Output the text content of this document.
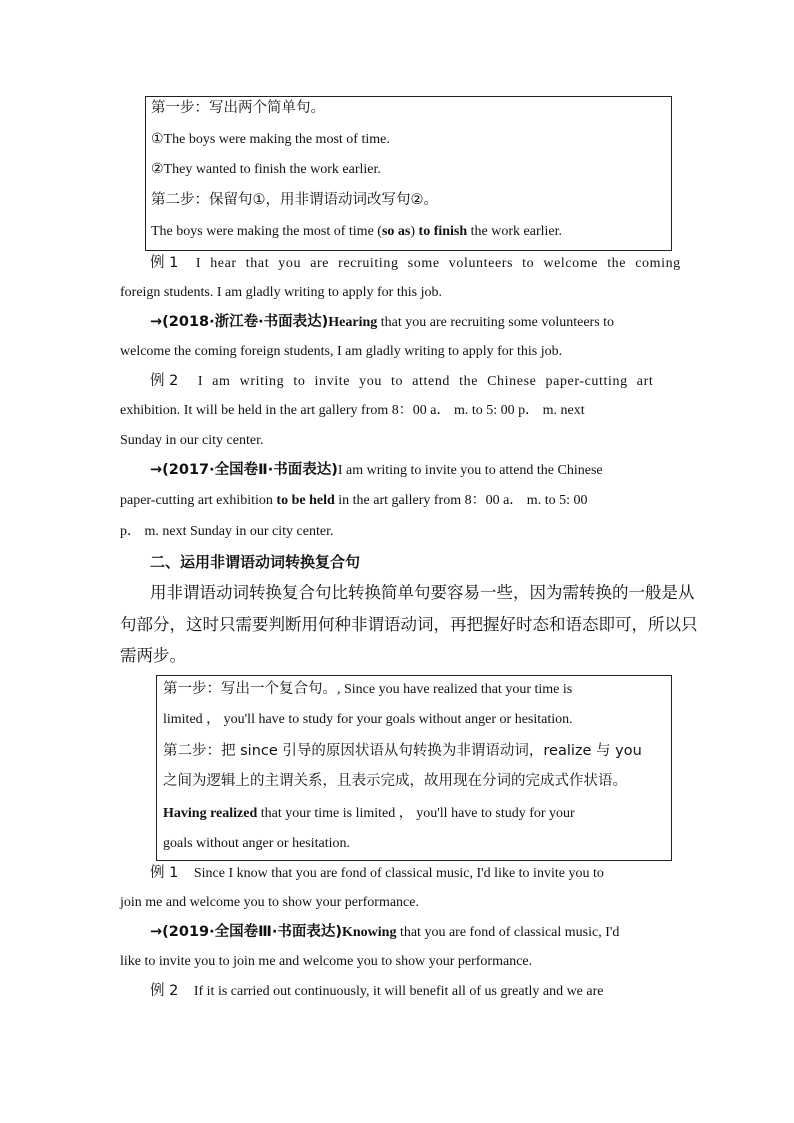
第一步：写出两个简单句。
①The boys were making the most of time.
②They wanted to finish the work earlier.
第二步：保留句①，用非谓语动词改写句②。
The boys were making the most of time (so as) to finish the work earlier.
例 1 I hear that you are recruiting some volunteers to welcome the coming
foreign students. I am gladly writing to apply for this job.
→(2018·浙江卷·书面表达)Hearing that you are recruiting some volunteers to
welcome the coming foreign students, I am gladly writing to apply for this job.
例 2 I am writing to invite you to attend the Chinese paper-cutting art
exhibition. It will be held in the art gallery from 8：00 a． m. to 5: 00 p． m. next
Sunday in our city center.
→(2017·全国卷Ⅱ·书面表达)I am writing to invite you to attend the Chinese
paper-cutting art exhibition to be held in the art gallery from 8：00 a． m. to 5: 00
p． m. next Sunday in our city center.
二、运用非谓语动词转换复合句
用非谓语动词转换复合句比转换简单句要容易一些，因为需转换的一般是从
句部分，这时只需要判断用何种非谓语动词，再把握好时态和语态即可，所以只
需两步。
第一步：写出一个复合句。, Since you have realized that your time is
limited ， you'll have to study for your goals without anger or hesitation.
第二步：把 since 引导的原因状语从句转换为非谓语动词，realize 与 you
之间为逻辑上的主谓关系，且表示完成，故用现在分词的完成式作状语。
Having realized that your time is limited ， you'll have to study for your
goals without anger or hesitation.
例 1 Since I know that you are fond of classical music, I'd like to invite you to
join me and welcome you to show your performance.
→(2019·全国卷Ⅲ·书面表达)Knowing that you are fond of classical music, I'd
like to invite you to join me and welcome you to show your performance.
例 2 If it is carried out continuously, it will benefit all of us greatly and we are
